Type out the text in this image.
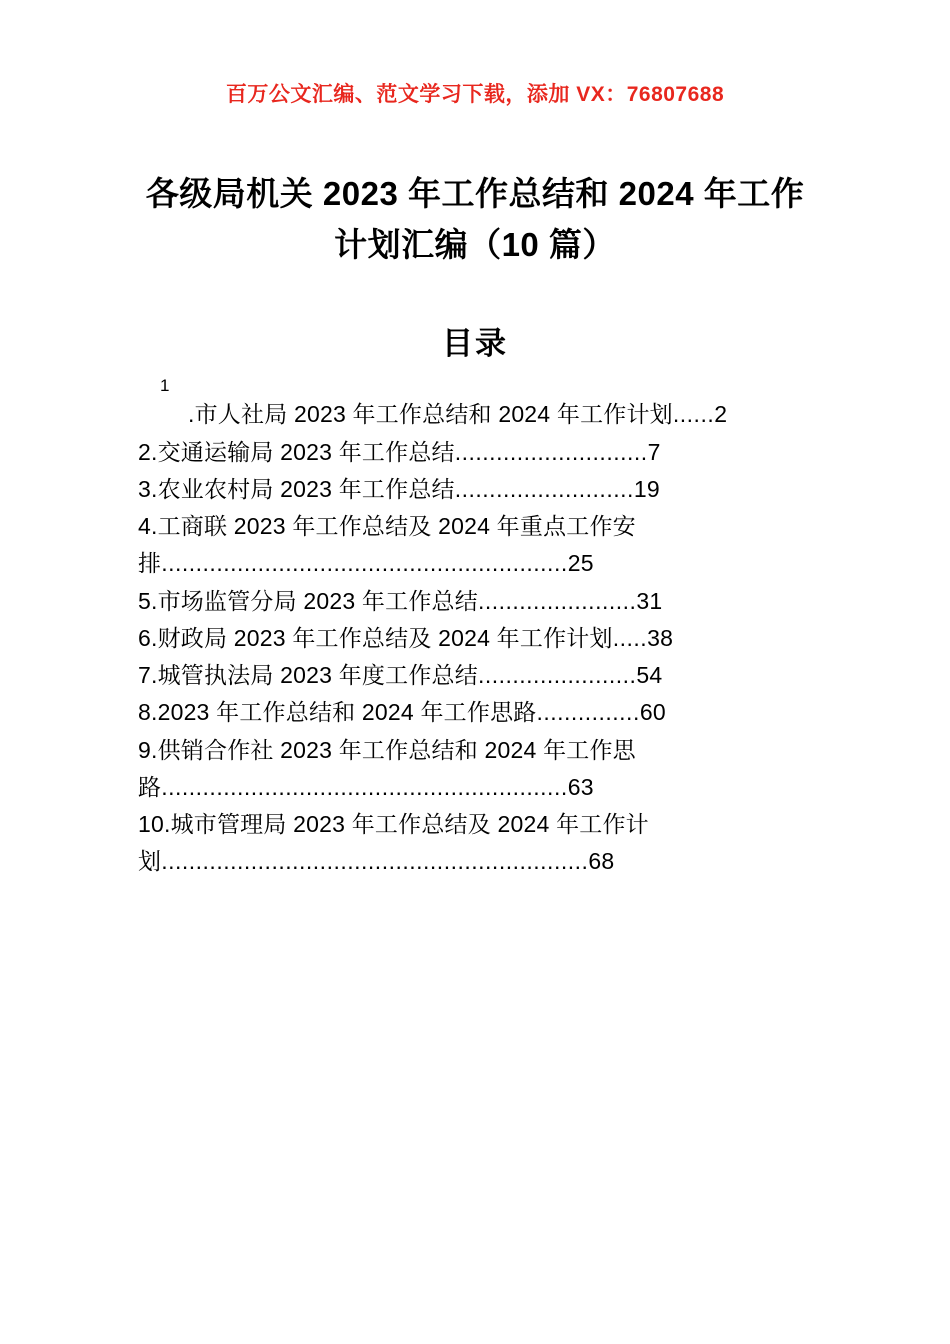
百万公文汇编、范文学习下载，添加 VX：76807688
各级局机关 2023 年工作总结和 2024 年工作计划汇编（10 篇）
目录
1
.市人社局 2023 年工作总结和 2024 年工作计划......2
2.交通运输局 2023 年工作总结............................7
3.农业农村局 2023 年工作总结..........................19
4.工商联 2023 年工作总结及 2024 年重点工作安排...........................................................25
5.市场监管分局 2023 年工作总结.......................31
6.财政局 2023 年工作总结及 2024 年工作计划.....38
7.城管执法局 2023 年度工作总结.......................54
8.2023 年工作总结和 2024 年工作思路...............60
9.供销合作社 2023 年工作总结和 2024 年工作思路...........................................................63
10.城市管理局 2023 年工作总结及 2024 年工作计划..............................................................68
